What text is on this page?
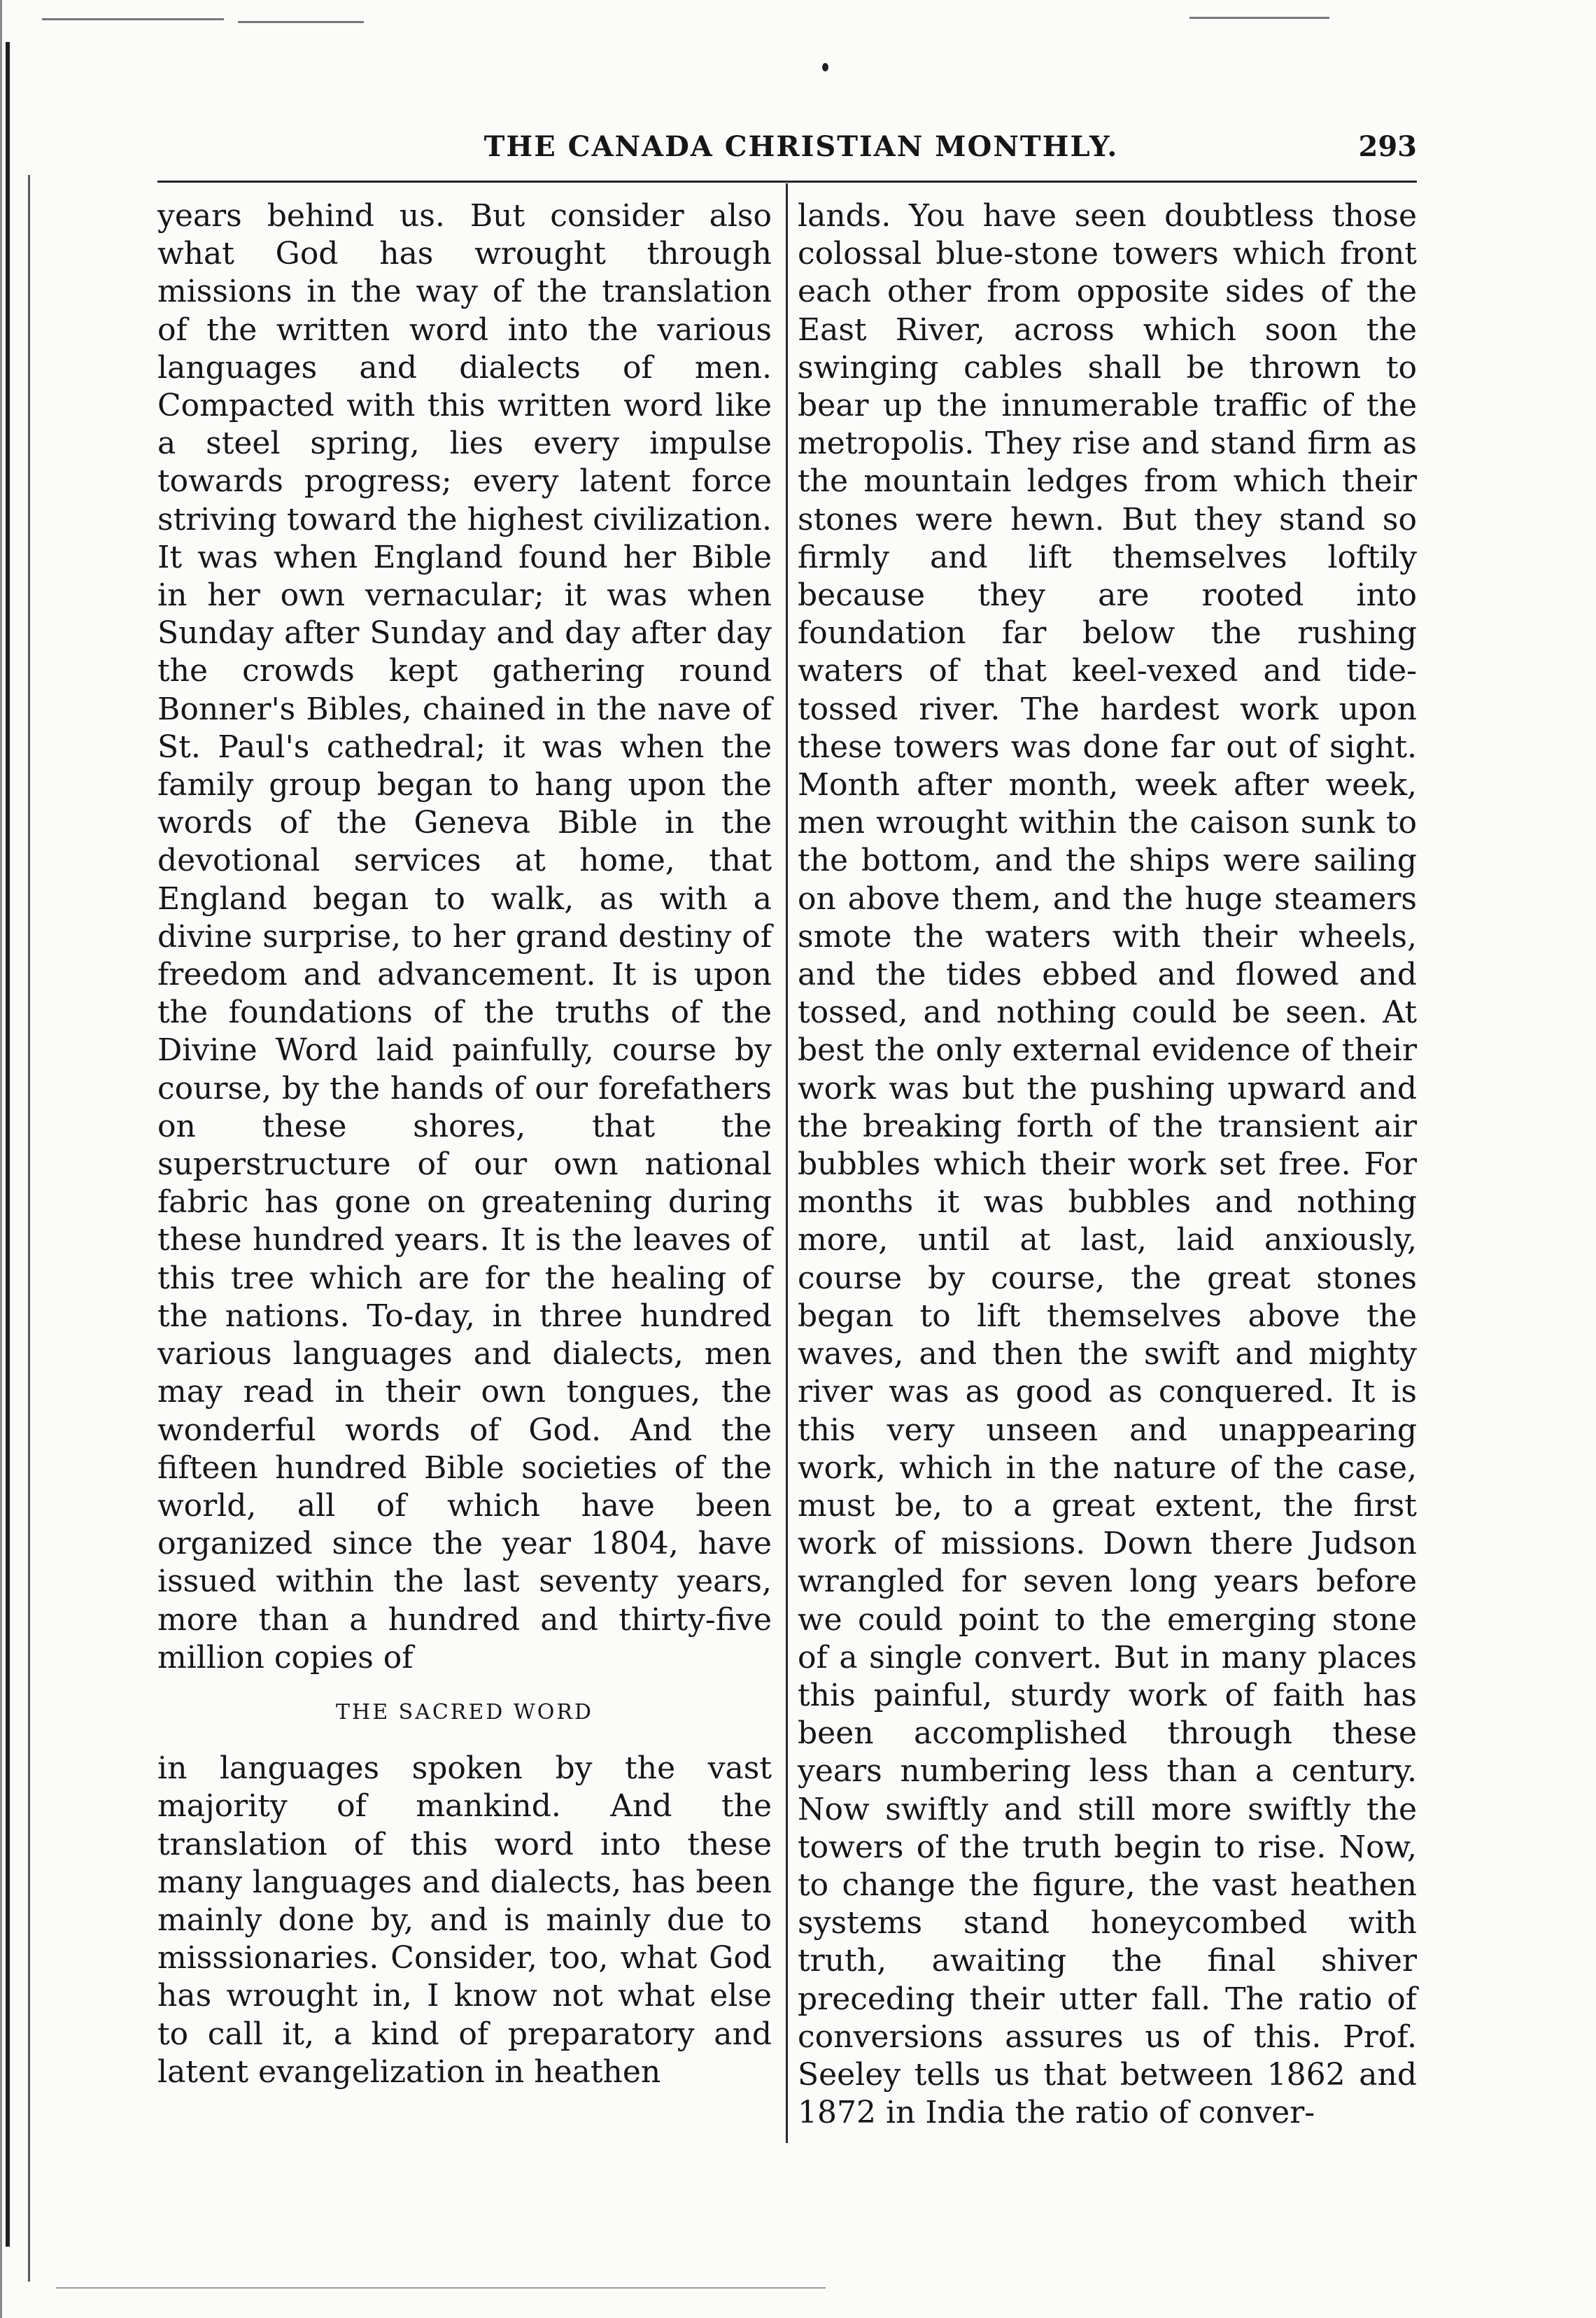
THE CANADA CHRISTIAN MONTHLY.	293

years behind us. But consider also what God has wrought through missions in the way of the translation of the written word into the various languages and dialects of men. Compacted with this written word like a steel spring, lies every impulse towards progress; every latent force striving toward the highest civilization. It was when England found her Bible in her own vernacular; it was when Sunday after Sunday and day after day the crowds kept gathering round Bonner's Bibles, chained in the nave of St. Paul's cathedral; it was when the family group began to hang upon the words of the Geneva Bible in the devotional services at home, that England began to walk, as with a divine surprise, to her grand destiny of freedom and advancement. It is upon the foundations of the truths of the Divine Word laid painfully, course by course, by the hands of our forefathers on these shores, that the superstructure of our own national fabric has gone on greatening during these hundred years. It is the leaves of this tree which are for the healing of the nations. To-day, in three hundred various languages and dialects, men may read in their own tongues, the wonderful words of God. And the fifteen hundred Bible societies of the world, all of which have been organized since the year 1804, have issued within the last seventy years, more than a hundred and thirty-five million copies of

THE SACRED WORD

in languages spoken by the vast majority of mankind. And the translation of this word into these many languages and dialects, has been mainly done by, and is mainly due to misssionaries. Consider, too, what God has wrought in, I know not what else to call it, a kind of preparatory and latent evangelization in heathen

lands. You have seen doubtless those colossal blue-stone towers which front each other from opposite sides of the East River, across which soon the swinging cables shall be thrown to bear up the innumerable traffic of the metropolis. They rise and stand firm as the mountain ledges from which their stones were hewn. But they stand so firmly and lift themselves loftily because they are rooted into foundation far below the rushing waters of that keel-vexed and tide-tossed river. The hardest work upon these towers was done far out of sight. Month after month, week after week, men wrought within the caison sunk to the bottom, and the ships were sailing on above them, and the huge steamers smote the waters with their wheels, and the tides ebbed and flowed and tossed, and nothing could be seen. At best the only external evidence of their work was but the pushing upward and the breaking forth of the transient air bubbles which their work set free. For months it was bubbles and nothing more, until at last, laid anxiously, course by course, the great stones began to lift themselves above the waves, and then the swift and mighty river was as good as conquered. It is this very unseen and unappearing work, which in the nature of the case, must be, to a great extent, the first work of missions. Down there Judson wrangled for seven long years before we could point to the emerging stone of a single convert. But in many places this painful, sturdy work of faith has been accomplished through these years numbering less than a century. Now swiftly and still more swiftly the towers of the truth begin to rise. Now, to change the figure, the vast heathen systems stand honeycombed with truth, awaiting the final shiver preceding their utter fall. The ratio of conversions assures us of this. Prof. Seeley tells us that between 1862 and 1872 in India the ratio of conver-
